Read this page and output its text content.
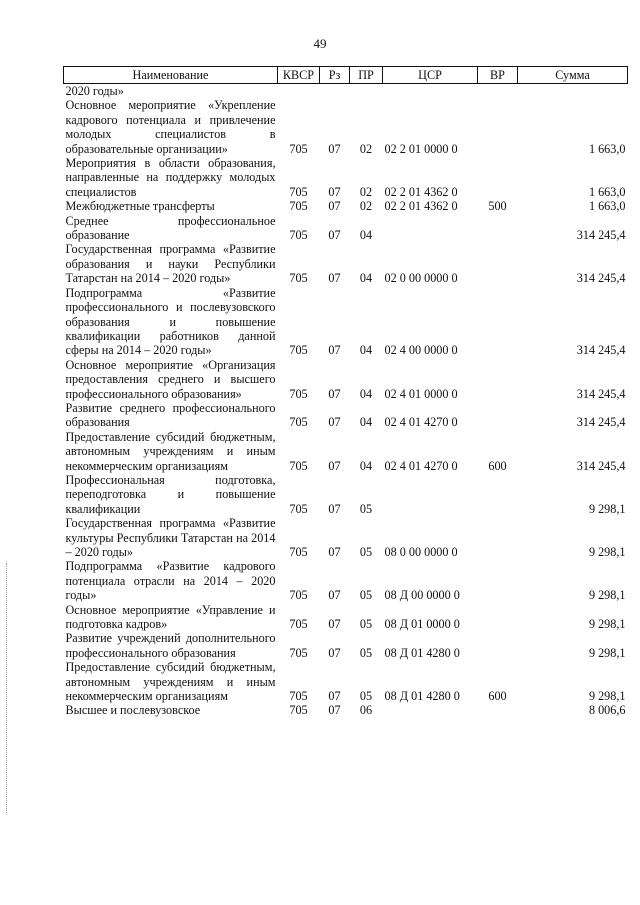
49
Наименование	КВСР	Рз	ПР	ЦСР	ВР	Сумма
2020 годы»						
Основное мероприятие «Укрепление кадрового потенциала и привлечение молодых специалистов в образовательные организации»	705	07	02	02 2 01 0000 0		1 663,0
Мероприятия в области образования, направленные на поддержку молодых специалистов	705	07	02	02 2 01 4362 0		1 663,0
Межбюджетные трансферты	705	07	02	02 2 01 4362 0	500	1 663,0
Среднее профессиональное образование	705	07	04			314 245,4
Государственная программа «Развитие образования и науки Республики Татарстан на 2014 – 2020 годы»	705	07	04	02 0 00 0000 0		314 245,4
Подпрограмма «Развитие профессионального и послевузовского образования и повышение квалификации работников данной сферы на 2014 – 2020 годы»	705	07	04	02 4 00 0000 0		314 245,4
Основное мероприятие «Организация предоставления среднего и высшего профессионального образования»	705	07	04	02 4 01 0000 0		314 245,4
Развитие среднего профессионального образования	705	07	04	02 4 01 4270 0		314 245,4
Предоставление субсидий бюджетным, автономным учреждениям и иным некоммерческим организациям	705	07	04	02 4 01 4270 0	600	314 245,4
Профессиональная подготовка, переподготовка и повышение квалификации	705	07	05			9 298,1
Государственная программа «Развитие культуры Республики Татарстан на 2014 – 2020 годы»	705	07	05	08 0 00 0000 0		9 298,1
Подпрограмма «Развитие кадрового потенциала отрасли на 2014 – 2020 годы»	705	07	05	08 Д 00 0000 0		9 298,1
Основное мероприятие «Управление и подготовка кадров»	705	07	05	08 Д 01 0000 0		9 298,1
Развитие учреждений дополнительного профессионального образования	705	07	05	08 Д 01 4280 0		9 298,1
Предоставление субсидий бюджетным, автономным учреждениям и иным некоммерческим организациям	705	07	05	08 Д 01 4280 0	600	9 298,1
Высшее и послевузовское	705	07	06			8 006,6
